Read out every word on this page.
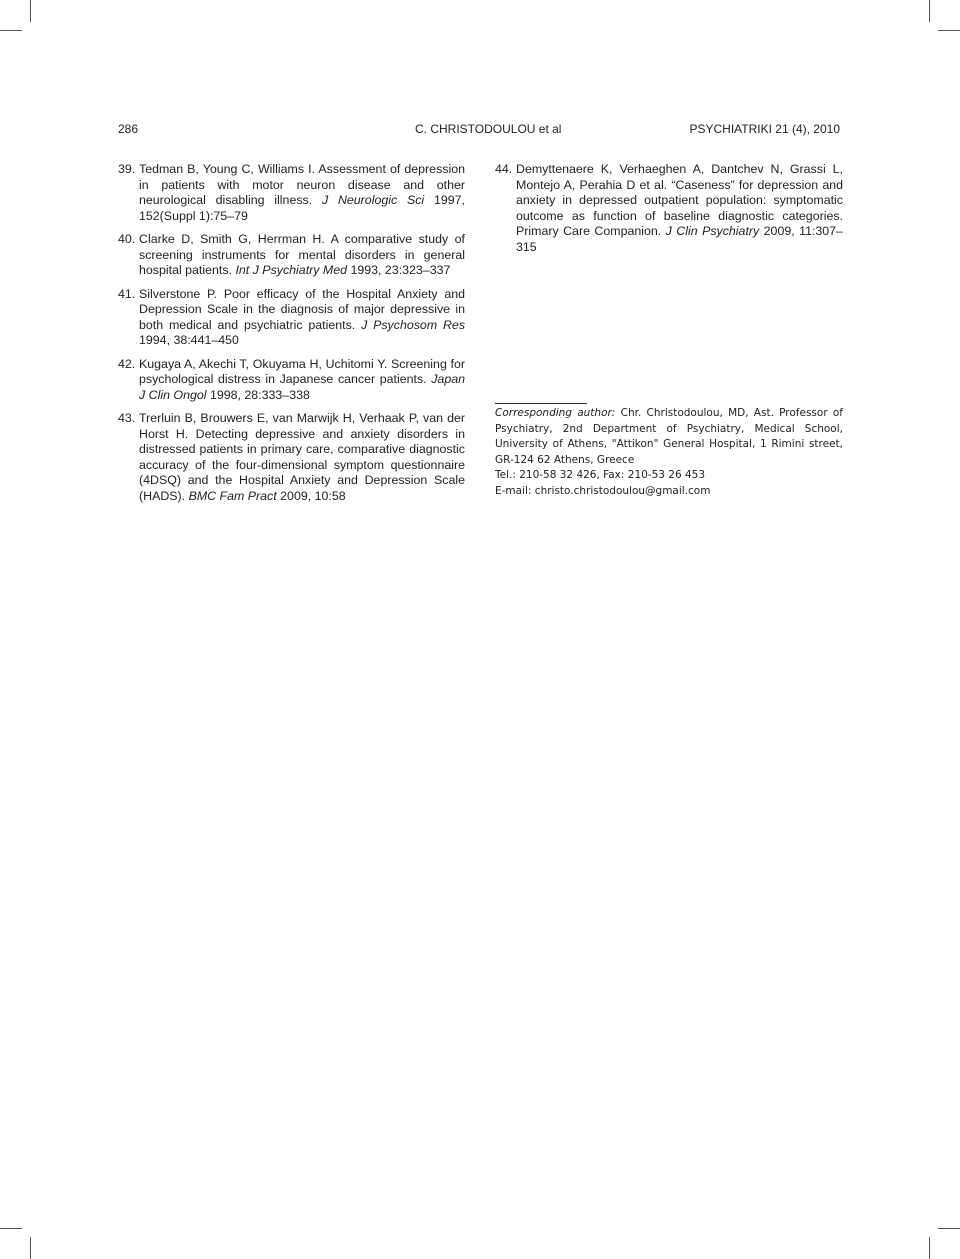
286	C. CHRISTODOULOU et al	PSYCHIATRIKI 21 (4), 2010
39. Tedman B, Young C, Williams I. Assessment of depression in patients with motor neuron disease and other neurological disabling illness. J Neurologic Sci 1997, 152(Suppl 1):75–79
40. Clarke D, Smith G, Herrman H. A comparative study of screening instruments for mental disorders in general hospital patients. Int J Psychiatry Med 1993, 23:323–337
41. Silverstone P. Poor efficacy of the Hospital Anxiety and Depression Scale in the diagnosis of major depressive in both medical and psychiatric patients. J Psychosom Res 1994, 38:441–450
42. Kugaya A, Akechi T, Okuyama H, Uchitomi Y. Screening for psychological distress in Japanese cancer patients. Japan J Clin Ongol 1998, 28:333–338
43. Trerluin B, Brouwers E, van Marwijk H, Verhaak P, van der Horst H. Detecting depressive and anxiety disorders in distressed patients in primary care, comparative diagnostic accuracy of the four-dimensional symptom questionnaire (4DSQ) and the Hospital Anxiety and Depression Scale (HADS). BMC Fam Pract 2009, 10:58
44. Demyttenaere K, Verhaeghen A, Dantchev N, Grassi L, Montejo A, Perahia D et al. “Caseness” for depression and anxiety in depressed outpatient population: symptomatic outcome as function of baseline diagnostic categories. Primary Care Companion. J Clin Psychiatry 2009, 11:307–315

Corresponding author: Chr. Christodoulou, MD, Ast. Professor of Psychiatry, 2nd Department of Psychiatry, Medical School, University of Athens, "Attikon" General Hospital, 1 Rimini street, GR-124 62 Athens, Greece

Tel.: 210-58 32 426, Fax: 210-53 26 453

E-mail: christo.christodoulou@gmail.com
